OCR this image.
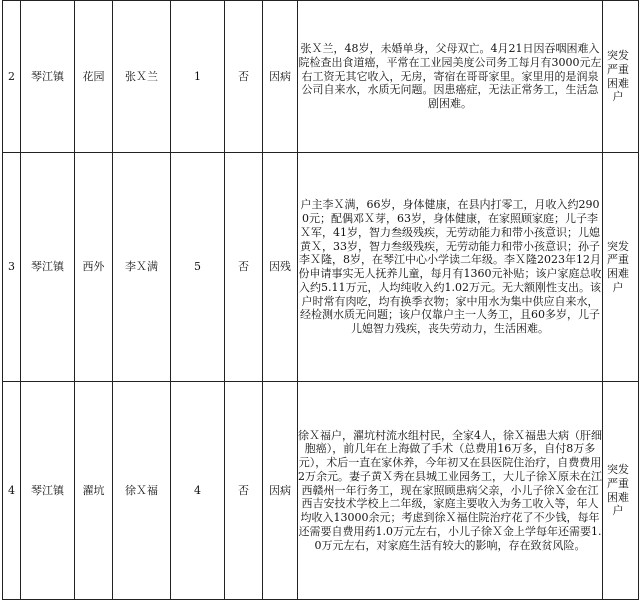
2	琴江镇	花园	张Ｘ兰	1	否	因病	张Ｘ兰，48岁，未婚单身，父母双亡。4月21日因吞咽困难入院检查出食道癌，平常在工业园美度公司务工每月有3000元左右工资无其它收入，无房，寄宿在哥哥家里。家里用的是润泉公司自来水，水质无问题。因患癌症，无法正常务工，生活急剧困难。	突发严重困难户

3	琴江镇	西外	李Ｘ满	5	否	因残	户主李Ｘ满，66岁，身体健康，在县内打零工，月收入约2900元；配偶邓Ｘ芽，63岁，身体健康，在家照顾家庭；儿子李Ｘ军，41岁，智力叁级残疾，无劳动能力和带小孩意识；儿媳黄Ｘ，33岁，智力叁级残疾，无劳动能力和带小孩意识；孙子李Ｘ隆，8岁，在琴江中心小学读二年级。李Ｘ隆2023年12月份申请事实无人抚养儿童，每月有1360元补贴；该户家庭总收入约5.11万元，人均纯收入约1.02万元。无大额刚性支出。该户时常有肉吃，均有换季衣物；家中用水为集中供应自来水，经检测水质无问题；该户仅靠户主一人务工，且60多岁，儿子儿媳智力残疾，丧失劳动力，生活困难。	突发严重困难户

4	琴江镇	濯坑	徐Ｘ福	4	否	因病	徐Ｘ福户，濯坑村流水组村民，全家4人，徐Ｘ福患大病（肝细胞癌），前几年在上海做了手术（总费用16万多，自付8万多元），术后一直在家休养，今年初又在县医院住治疗，自费费用2万余元。妻子黄Ｘ秀在县城工业园务工，大儿子徐Ｘ原未在江西赣州一年行务工，现在家照顾患病父亲，小儿子徐Ｘ金在江西吉安技术学校上二年级，家庭主要收入为务工收入等，年人均收入13000余元；考虑到徐Ｘ福住院治疗花了不少钱，每年还需要自费用药1.0万元左右，小儿子徐Ｘ金上学每年还需要1.0万元左右，对家庭生活有较大的影响，存在致贫风险。	突发严重困难户
